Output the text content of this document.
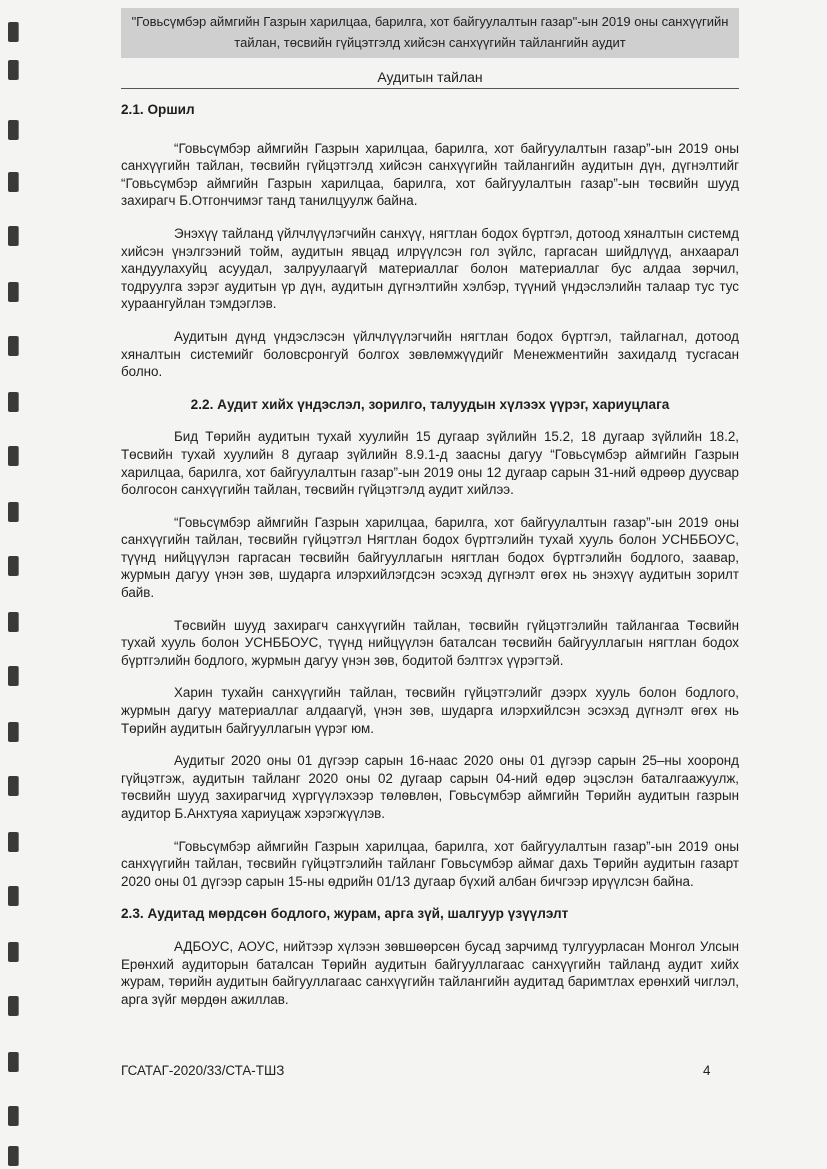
"Говьсүмбэр аймгийн Газрын харилцаа, барилга, хот байгуулалтын газар"-ын 2019 оны санхүүгийн тайлан, төсвийн гүйцэтгэлд хийсэн санхүүгийн тайлангийн аудит
Аудитын тайлан
2.1. Оршил

“Говьсүмбэр аймгийн Газрын харилцаа, барилга, хот байгуулалтын газар”-ын 2019 оны санхүүгийн тайлан, төсвийн гүйцэтгэлд хийсэн санхүүгийн тайлангийн аудитын дүн, дүгнэлтийг “Говьсүмбэр аймгийн Газрын харилцаа, барилга, хот байгуулалтын газар”-ын төсвийн шууд захирагч Б.Отгончимэг танд танилцуулж байна.

Энэхүү тайланд үйлчлүүлэгчийн санхүү, нягтлан бодох бүртгэл, дотоод хяналтын системд хийсэн үнэлгээний тойм, аудитын явцад илрүүлсэн гол зүйлс, гаргасан шийдлүүд, анхаарал хандуулахуйц асуудал, залруулаагүй материаллаг болон материаллаг бус алдаа зөрчил, тодруулга зэрэг аудитын үр дүн, аудитын дүгнэлтийн хэлбэр, түүний үндэслэлийн талаар тус тус хураангуйлан тэмдэглэв.

Аудитын дүнд үндэслэсэн үйлчлүүлэгчийн нягтлан бодох бүртгэл, тайлагнал, дотоод хяналтын системийг боловсронгуй болгох зөвлөмжүүдийг Менежментийн захидалд тусгасан болно.

2.2. Аудит хийх үндэслэл, зорилго, талуудын хүлээх үүрэг, хариуцлага

Бид Төрийн аудитын тухай хуулийн 15 дугаар зүйлийн 15.2, 18 дугаар зүйлийн 18.2, Төсвийн тухай хуулийн 8 дугаар зүйлийн 8.9.1-д заасны дагуу “Говьсүмбэр аймгийн Газрын харилцаа, барилга, хот байгуулалтын газар”-ын 2019 оны 12 дугаар сарын 31-ний өдрөөр дуусвар болгосон санхүүгийн тайлан, төсвийн гүйцэтгэлд аудит хийлээ.

“Говьсүмбэр аймгийн Газрын харилцаа, барилга, хот байгуулалтын газар”-ын 2019 оны санхүүгийн тайлан, төсвийн гүйцэтгэл Нягтлан бодох бүртгэлийн тухай хууль болон УСНББОУС, түүнд нийцүүлэн гаргасан төсвийн байгууллагын нягтлан бодох бүртгэлийн бодлого, заавар, журмын дагуу үнэн зөв, шударга илэрхийлэгдсэн эсэхэд дүгнэлт өгөх нь энэхүү аудитын зорилт байв.

Төсвийн шууд захирагч санхүүгийн тайлан, төсвийн гүйцэтгэлийн тайлангаа Төсвийн тухай хууль болон УСНББОУС, түүнд нийцүүлэн баталсан төсвийн байгууллагын нягтлан бодох бүртгэлийн бодлого, журмын дагуу үнэн зөв, бодитой бэлтгэх үүрэгтэй.

Харин тухайн санхүүгийн тайлан, төсвийн гүйцэтгэлийг дээрх хууль болон бодлого, журмын дагуу материаллаг алдаагүй, үнэн зөв, шударга илэрхийлсэн эсэхэд дүгнэлт өгөх нь Төрийн аудитын байгууллагын үүрэг юм.

Аудитыг 2020 оны 01 дүгээр сарын 16-наас 2020 оны 01 дүгээр сарын 25–ны хооронд гүйцэтгэж, аудитын тайланг 2020 оны 02 дугаар сарын 04-ний өдөр эцэслэн баталгаажуулж, төсвийн шууд захирагчид хүргүүлэхээр төлөвлөн, Говьсүмбэр аймгийн Төрийн аудитын газрын аудитор Б.Анхтуяа хариуцаж хэрэгжүүлэв.

“Говьсүмбэр аймгийн Газрын харилцаа, барилга, хот байгуулалтын газар”-ын 2019 оны санхүүгийн тайлан, төсвийн гүйцэтгэлийн тайланг Говьсүмбэр аймаг дахь Төрийн аудитын газарт 2020 оны 01 дүгээр сарын 15-ны өдрийн 01/13 дугаар бүхий албан бичгээр ирүүлсэн байна.

2.3. Аудитад мөрдсөн бодлого, журам, арга зүй, шалгуур үзүүлэлт

АДБОУС, АОУС, нийтээр хүлээн зөвшөөрсөн бусад зарчимд тулгуурласан Монгол Улсын Ерөнхий аудиторын баталсан Төрийн аудитын байгууллагаас санхүүгийн тайланд аудит хийх журам, төрийн аудитын байгууллагаас санхүүгийн тайлангийн аудитад баримтлах ерөнхий чиглэл, арга зүйг мөрдөн ажиллав.

ГСАТАГ-2020/33/СТА-ТШЗ	4
